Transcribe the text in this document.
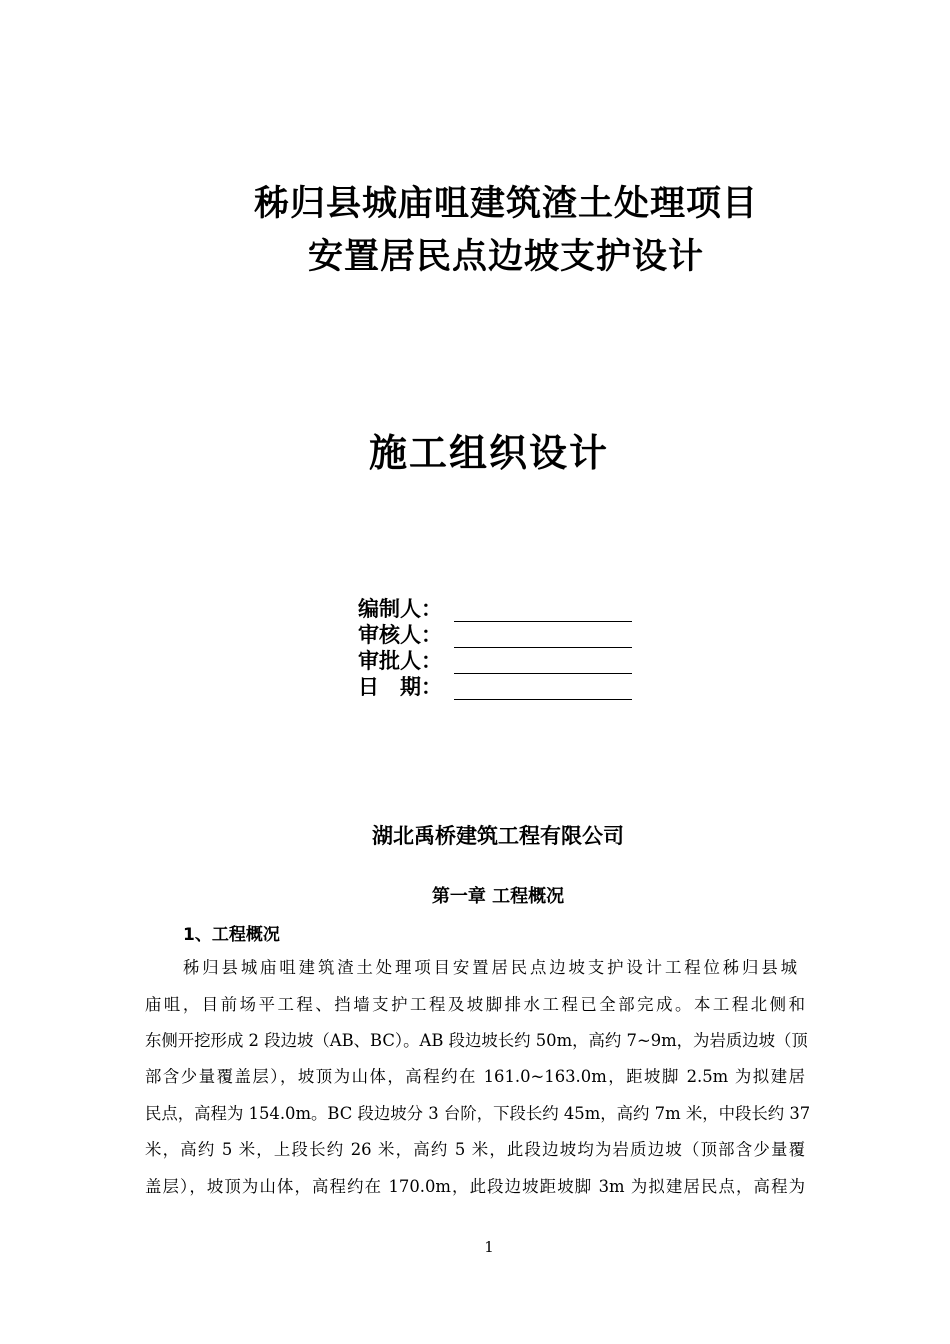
秭归县城庙咀建筑渣土处理项目
安置居民点边坡支护设计
施工组织设计
编制人：
审核人：
审批人：
日　期：
湖北禹桥建筑工程有限公司
第一章 工程概况
1、工程概况
秭归县城庙咀建筑渣土处理项目安置居民点边坡支护设计工程位秭归县城
庙咀，目前场平工程、挡墙支护工程及坡脚排水工程已全部完成。本工程北侧和
东侧开挖形成 2 段边坡（AB、BC）。AB 段边坡长约 50m，高约 7~9m，为岩质边坡（顶
部含少量覆盖层），坡顶为山体，高程约在 161.0~163.0m，距坡脚 2.5m 为拟建居
民点，高程为 154.0m。BC 段边坡分 3 台阶，下段长约 45m，高约 7m 米，中段长约 37
米，高约 5 米，上段长约 26 米，高约 5 米，此段边坡均为岩质边坡（顶部含少量覆
盖层），坡顶为山体，高程约在 170.0m，此段边坡距坡脚 3m 为拟建居民点，高程为
1
